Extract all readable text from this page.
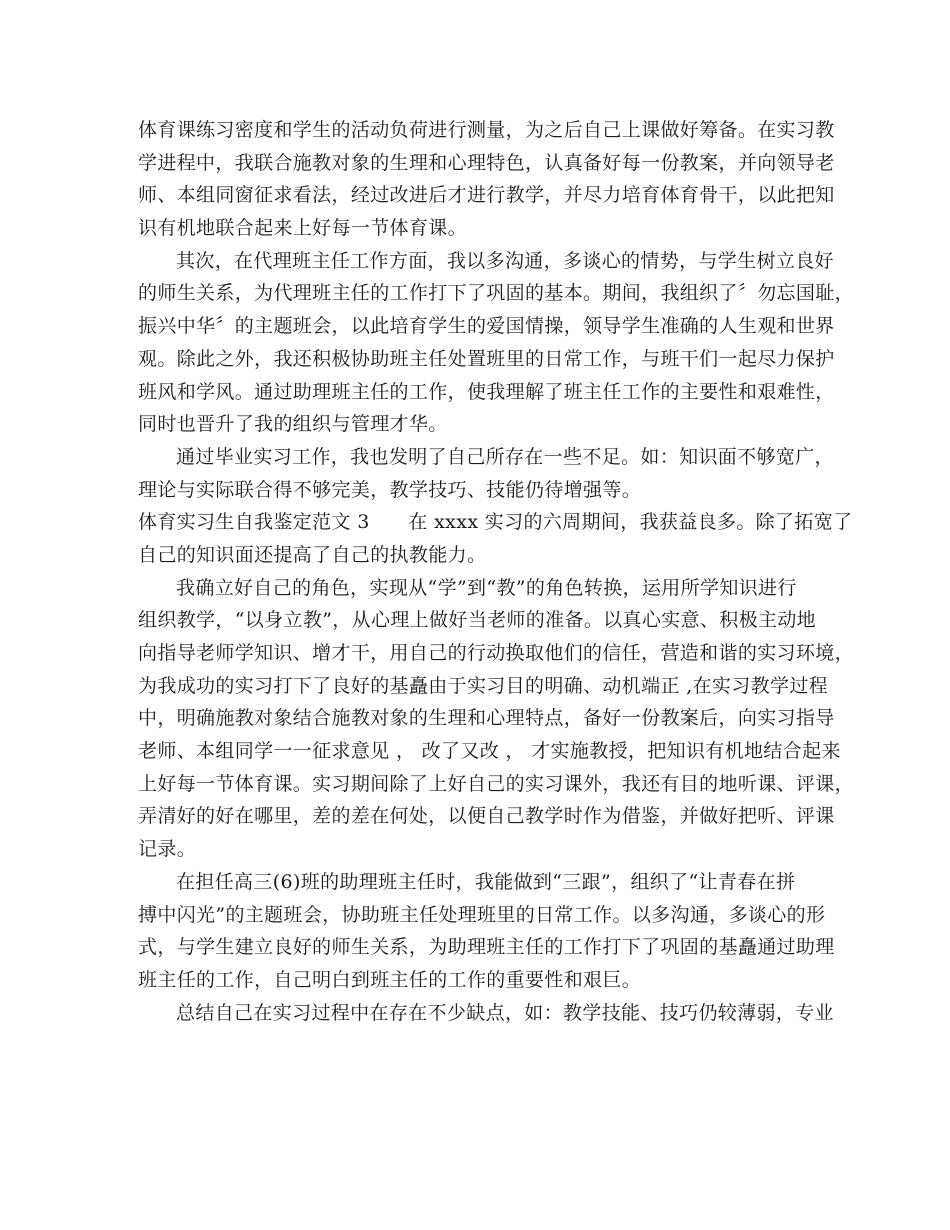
体育课练习密度和学生的活动负荷进行测量，为之后自己上课做好筹备。在实习教
学进程中，我联合施教对象的生理和心理特色，认真备好每一份教案，并向领导老
师、本组同窗征求看法，经过改进后才进行教学，并尽力培育体育骨干，以此把知
识有机地联合起来上好每一节体育课。
其次，在代理班主任工作方面，我以多沟通，多谈心的情势，与学生树立良好
的师生关系，为代理班主任的工作打下了巩固的基本。期间，我组织了〞勿忘国耻，
振兴中华〞的主题班会，以此培育学生的爱国情操，领导学生准确的人生观和世界
观。除此之外，我还积极协助班主任处置班里的日常工作，与班干们一起尽力保护
班风和学风。通过助理班主任的工作，使我理解了班主任工作的主要性和艰难性，
同时也晋升了我的组织与管理才华。
通过毕业实习工作，我也发明了自己所存在一些不足。如：知识面不够宽广，
理论与实际联合得不够完美，教学技巧、技能仍待增强等。
体育实习生自我鉴定范文 3　　在 xxxx 实习的六周期间，我获益良多。除了拓宽了
自己的知识面还提高了自己的执教能力。
我确立好自己的角色，实现从“学”到“教”的角色转换，运用所学知识进行
组织教学，“以身立教”，从心理上做好当老师的准备。以真心实意、积极主动地
向指导老师学知识、增才干，用自己的行动换取他们的信任，营造和谐的实习环境，
为我成功的实习打下了良好的基矗由于实习目的明确、动机端正 ,在实习教学过程
中，明确施教对象结合施教对象的生理和心理特点，备好一份教案后，向实习指导
老师、本组同学一一征求意见 ， 改了又改 ， 才实施教授，把知识有机地结合起来
上好每一节体育课。实习期间除了上好自己的实习课外，我还有目的地听课、评课，
弄清好的好在哪里，差的差在何处，以便自己教学时作为借鉴，并做好把听、评课
记录。
在担任高三(6)班的助理班主任时，我能做到“三跟”，组织了“让青春在拼
搏中闪光”的主题班会，协助班主任处理班里的日常工作。以多沟通，多谈心的形
式，与学生建立良好的师生关系，为助理班主任的工作打下了巩固的基矗通过助理
班主任的工作，自己明白到班主任的工作的重要性和艰巨。
总结自己在实习过程中在存在不少缺点，如：教学技能、技巧仍较薄弱，专业
